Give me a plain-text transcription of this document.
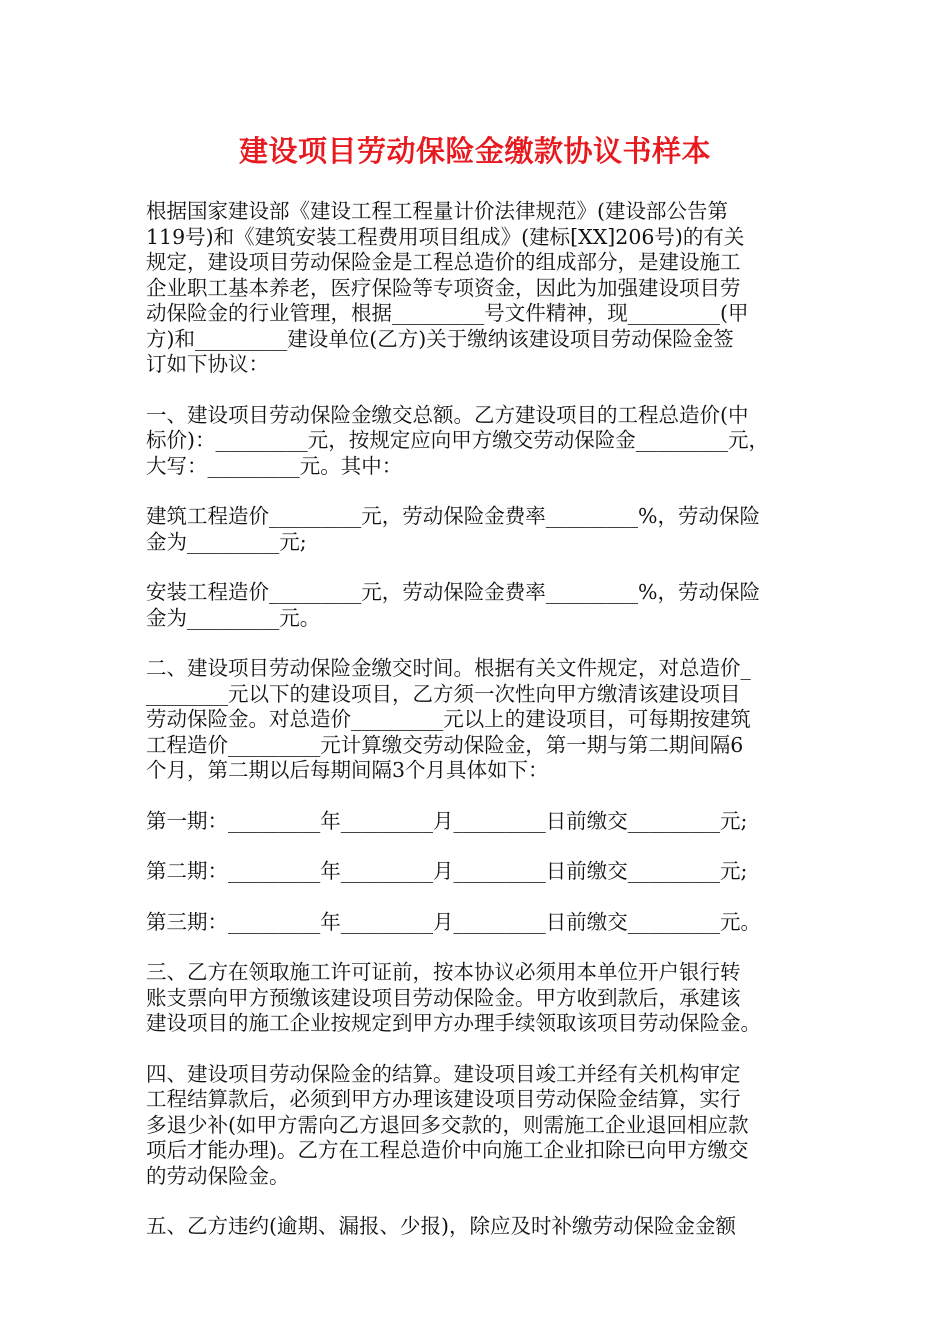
建设项目劳动保险金缴款协议书样本
根据国家建设部《建设工程工程量计价法律规范》(建设部公告第
119号)和《建筑安装工程费用项目组成》(建标[XX]206号)的有关
规定，建设项目劳动保险金是工程总造价的组成部分，是建设施工
企业职工基本养老，医疗保险等专项资金，因此为加强建设项目劳
动保险金的行业管理，根据_________号文件精神，现_________(甲
方)和_________建设单位(乙方)关于缴纳该建设项目劳动保险金签
订如下协议：
一、建设项目劳动保险金缴交总额。乙方建设项目的工程总造价(中
标价)：_________元，按规定应向甲方缴交劳动保险金_________元，
大写：_________元。其中：
建筑工程造价_________元，劳动保险金费率_________%，劳动保险
金为_________元;
安装工程造价_________元，劳动保险金费率_________%，劳动保险
金为_________元。
二、建设项目劳动保险金缴交时间。根据有关文件规定，对总造价_
________元以下的建设项目，乙方须一次性向甲方缴清该建设项目
劳动保险金。对总造价_________元以上的建设项目，可每期按建筑
工程造价_________元计算缴交劳动保险金，第一期与第二期间隔6
个月，第二期以后每期间隔3个月具体如下：
第一期：_________年_________月_________日前缴交_________元;
第二期：_________年_________月_________日前缴交_________元;
第三期：_________年_________月_________日前缴交_________元。
三、乙方在领取施工许可证前，按本协议必须用本单位开户银行转
账支票向甲方预缴该建设项目劳动保险金。甲方收到款后，承建该
建设项目的施工企业按规定到甲方办理手续领取该项目劳动保险金。
四、建设项目劳动保险金的结算。建设项目竣工并经有关机构审定
工程结算款后，必须到甲方办理该建设项目劳动保险金结算，实行
多退少补(如甲方需向乙方退回多交款的，则需施工企业退回相应款
项后才能办理)。乙方在工程总造价中向施工企业扣除已向甲方缴交
的劳动保险金。
五、乙方违约(逾期、漏报、少报)，除应及时补缴劳动保险金金额
